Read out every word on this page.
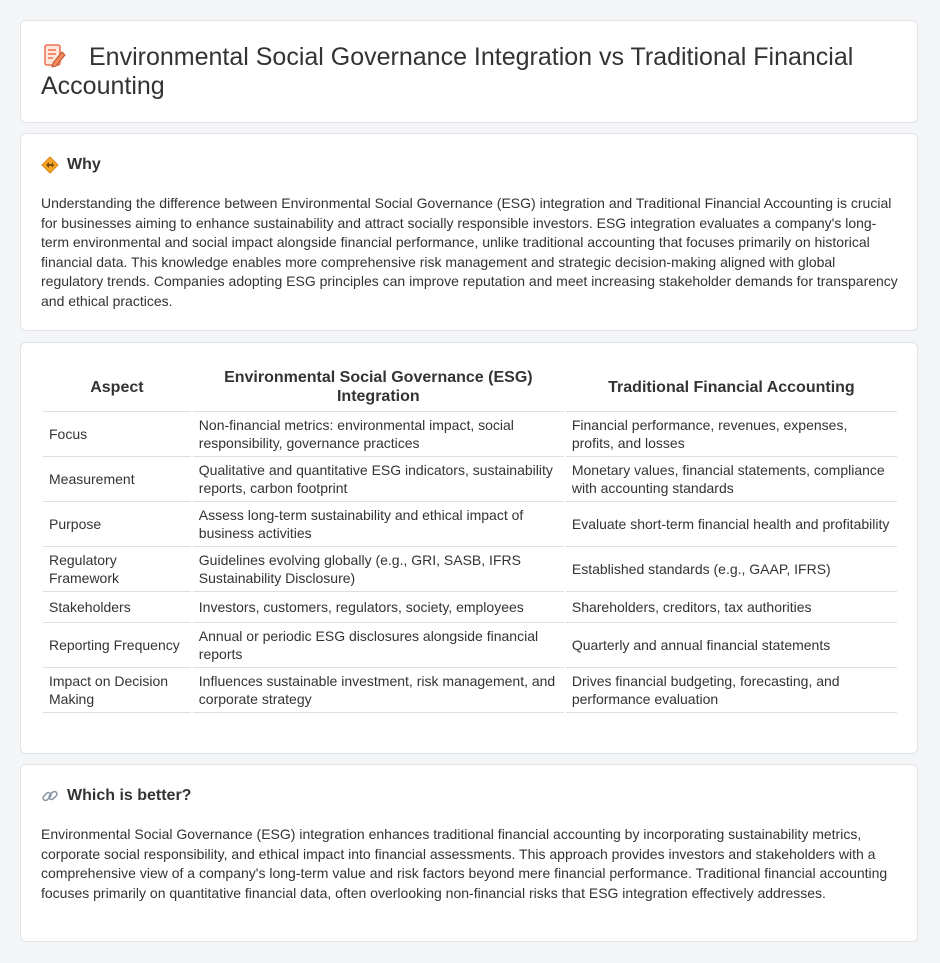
Environmental Social Governance Integration vs Traditional Financial Accounting
Why

Understanding the difference between Environmental Social Governance (ESG) integration and Traditional Financial Accounting is crucial for businesses aiming to enhance sustainability and attract socially responsible investors. ESG integration evaluates a company's long-term environmental and social impact alongside financial performance, unlike traditional accounting that focuses primarily on historical financial data. This knowledge enables more comprehensive risk management and strategic decision-making aligned with global regulatory trends. Companies adopting ESG principles can improve reputation and meet increasing stakeholder demands for transparency and ethical practices.

Aspect	Environmental Social Governance (ESG) Integration	Traditional Financial Accounting
Focus	Non-financial metrics: environmental impact, social responsibility, governance practices	Financial performance, revenues, expenses, profits, and losses
Measurement	Qualitative and quantitative ESG indicators, sustainability reports, carbon footprint	Monetary values, financial statements, compliance with accounting standards
Purpose	Assess long-term sustainability and ethical impact of business activities	Evaluate short-term financial health and profitability
Regulatory Framework	Guidelines evolving globally (e.g., GRI, SASB, IFRS Sustainability Disclosure)	Established standards (e.g., GAAP, IFRS)
Stakeholders	Investors, customers, regulators, society, employees	Shareholders, creditors, tax authorities
Reporting Frequency	Annual or periodic ESG disclosures alongside financial reports	Quarterly and annual financial statements
Impact on Decision Making	Influences sustainable investment, risk management, and corporate strategy	Drives financial budgeting, forecasting, and performance evaluation
Which is better?

Environmental Social Governance (ESG) integration enhances traditional financial accounting by incorporating sustainability metrics, corporate social responsibility, and ethical impact into financial assessments. This approach provides investors and stakeholders with a comprehensive view of a company's long-term value and risk factors beyond mere financial performance. Traditional financial accounting focuses primarily on quantitative financial data, often overlooking non-financial risks that ESG integration effectively addresses.
